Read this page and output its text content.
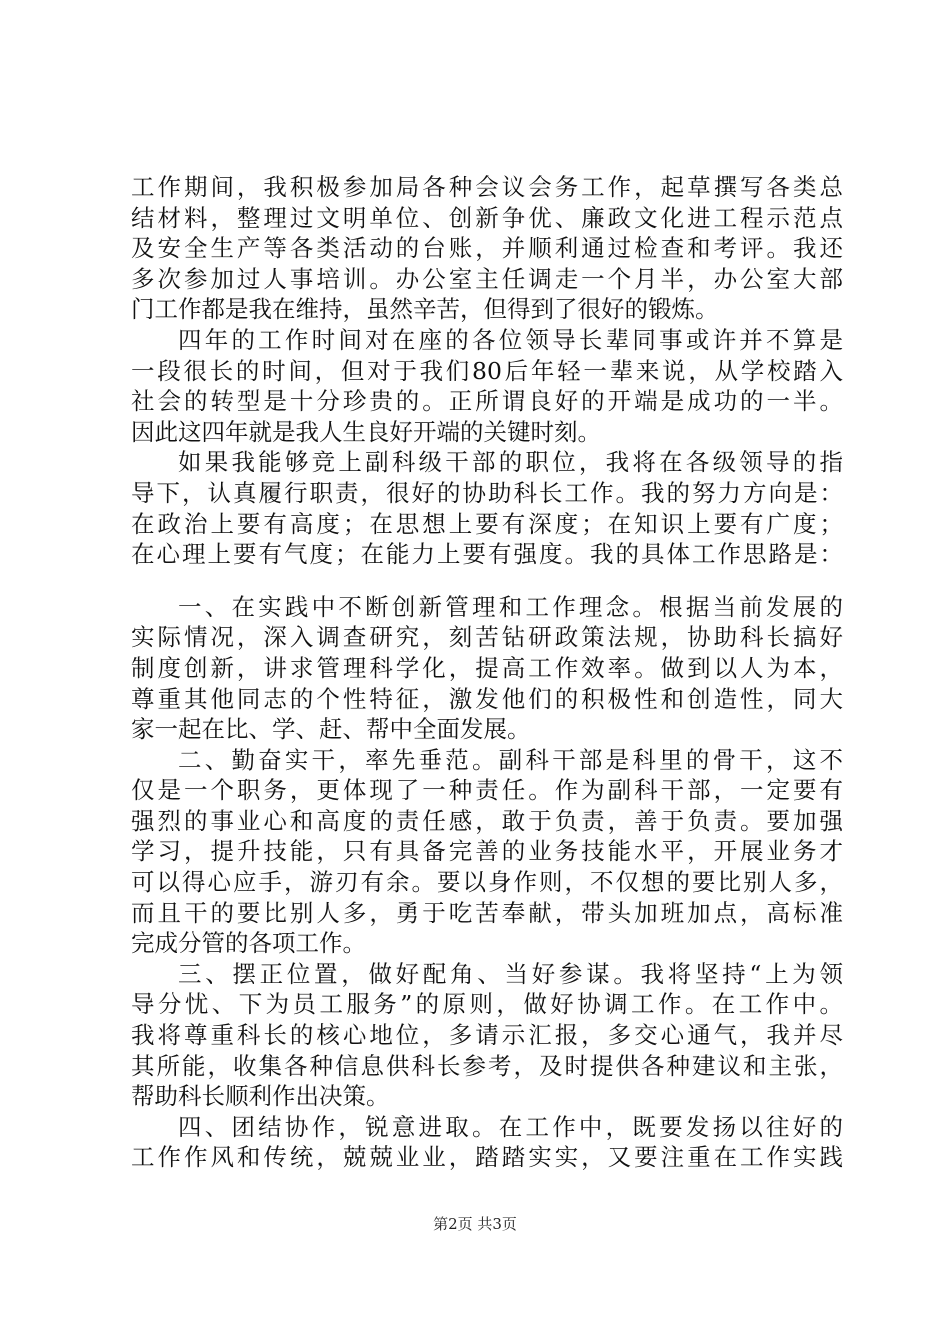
工作期间，我积极参加局各种会议会务工作，起草撰写各类总
结材料，整理过文明单位、创新争优、廉政文化进工程示范点
及安全生产等各类活动的台账，并顺利通过检查和考评。我还
多次参加过人事培训。办公室主任调走一个月半，办公室大部
门工作都是我在维持，虽然辛苦，但得到了很好的锻炼。
四年的工作时间对在座的各位领导长辈同事或许并不算是
一段很长的时间，但对于我们80后年轻一辈来说，从学校踏入
社会的转型是十分珍贵的。正所谓良好的开端是成功的一半。
因此这四年就是我人生良好开端的关键时刻。
如果我能够竞上副科级干部的职位，我将在各级领导的指
导下，认真履行职责，很好的协助科长工作。我的努力方向是：
在政治上要有高度；在思想上要有深度；在知识上要有广度；
在心理上要有气度；在能力上要有强度。我的具体工作思路是：
一、在实践中不断创新管理和工作理念。根据当前发展的
实际情况，深入调查研究，刻苦钻研政策法规，协助科长搞好
制度创新，讲求管理科学化，提高工作效率。做到以人为本，
尊重其他同志的个性特征，激发他们的积极性和创造性，同大
家一起在比、学、赶、帮中全面发展。
二、勤奋实干，率先垂范。副科干部是科里的骨干，这不
仅是一个职务，更体现了一种责任。作为副科干部，一定要有
强烈的事业心和高度的责任感，敢于负责，善于负责。要加强
学习，提升技能，只有具备完善的业务技能水平，开展业务才
可以得心应手，游刃有余。要以身作则，不仅想的要比别人多，
而且干的要比别人多，勇于吃苦奉献，带头加班加点，高标准
完成分管的各项工作。
三、摆正位置，做好配角、当好参谋。我将坚持“上为领
导分忧、下为员工服务”的原则，做好协调工作。在工作中。
我将尊重科长的核心地位，多请示汇报，多交心通气，我并尽
其所能，收集各种信息供科长参考，及时提供各种建议和主张，
帮助科长顺利作出决策。
四、团结协作，锐意进取。在工作中，既要发扬以往好的
工作作风和传统，兢兢业业，踏踏实实，又要注重在工作实践
第2页 共3页
